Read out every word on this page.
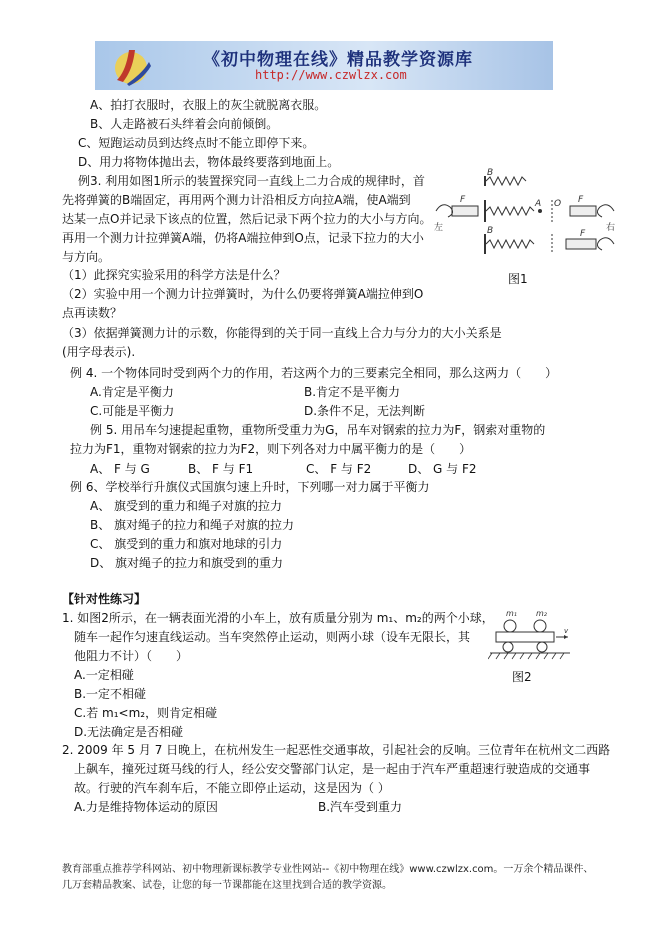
《初中物理在线》精品教学资源库
http://www.czwlzx.com
A、拍打衣服时，衣服上的灰尘就脱离衣服。
B、人走路被石头绊着会向前倾倒。
C、短跑运动员到达终点时不能立即停下来。
D、用力将物体抛出去，物体最终要落到地面上。
例3. 利用如图1所示的装置探究同一直线上二力合成的规律时，首
先将弹簧的B端固定，再用两个测力计沿相反方向拉A端，使A端到
达某一点O并记录下该点的位置，然后记录下两个拉力的大小与方向。
再用一个测力计拉弹簧A端，仍将A端拉伸到O点，记录下拉力的大小
与方向。
（1）此探究实验采用的科学方法是什么？
（2）实验中用一个测力计拉弹簧时，为什么仍要将弹簧A端拉伸到O
点再读数？
（3）依据弹簧测力计的示数，你能得到的关于同一直线上合力与分力的大小关系是
(用字母表示).
B
A O
F	F
左	右
B	F
图1
例 4. 一个物体同时受到两个力的作用，若这两个力的三要素完全相同，那么这两力（　　）
A.肯定是平衡力	B.肯定不是平衡力
C.可能是平衡力	D.条件不足，无法判断
例 5. 用吊车匀速提起重物，重物所受重力为G，吊车对钢索的拉力为F，钢索对重物的
拉力为F1，重物对钢索的拉力为F2，则下列各对力中属平衡力的是（　　）
A、 F 与 G	B、 F 与 F1	C、 F 与 F2	D、 G 与 F2
例 6、学校举行升旗仪式国旗匀速上升时，下列哪一对力属于平衡力
A、 旗受到的重力和绳子对旗的拉力
B、 旗对绳子的拉力和绳子对旗的拉力
C、 旗受到的重力和旗对地球的引力
D、 旗对绳子的拉力和旗受到的重力
【针对性练习】
1. 如图2所示，在一辆表面光滑的小车上，放有质量分别为 m₁、m₂的两个小球，
随车一起作匀速直线运动。当车突然停止运动，则两小球（设车无限长，其
他阻力不计）（　　）
A.一定相碰
B.一定不相碰
C.若 m₁<m₂，则肯定相碰
D.无法确定是否相碰
m₁ m₂
v
图2
2. 2009 年 5 月 7 日晚上，在杭州发生一起恶性交通事故，引起社会的反响。三位青年在杭州文二西路
上飙车，撞死过斑马线的行人，经公安交警部门认定，是一起由于汽车严重超速行驶造成的交通事
故。行驶的汽车刹车后，不能立即停止运动，这是因为（ ）
A.力是维持物体运动的原因	B.汽车受到重力
教育部重点推荐学科网站、初中物理新课标教学专业性网站--《初中物理在线》www.czwlzx.com。一万余个精品课件、
几万套精品教案、试卷，让您的每一节课都能在这里找到合适的教学资源。
